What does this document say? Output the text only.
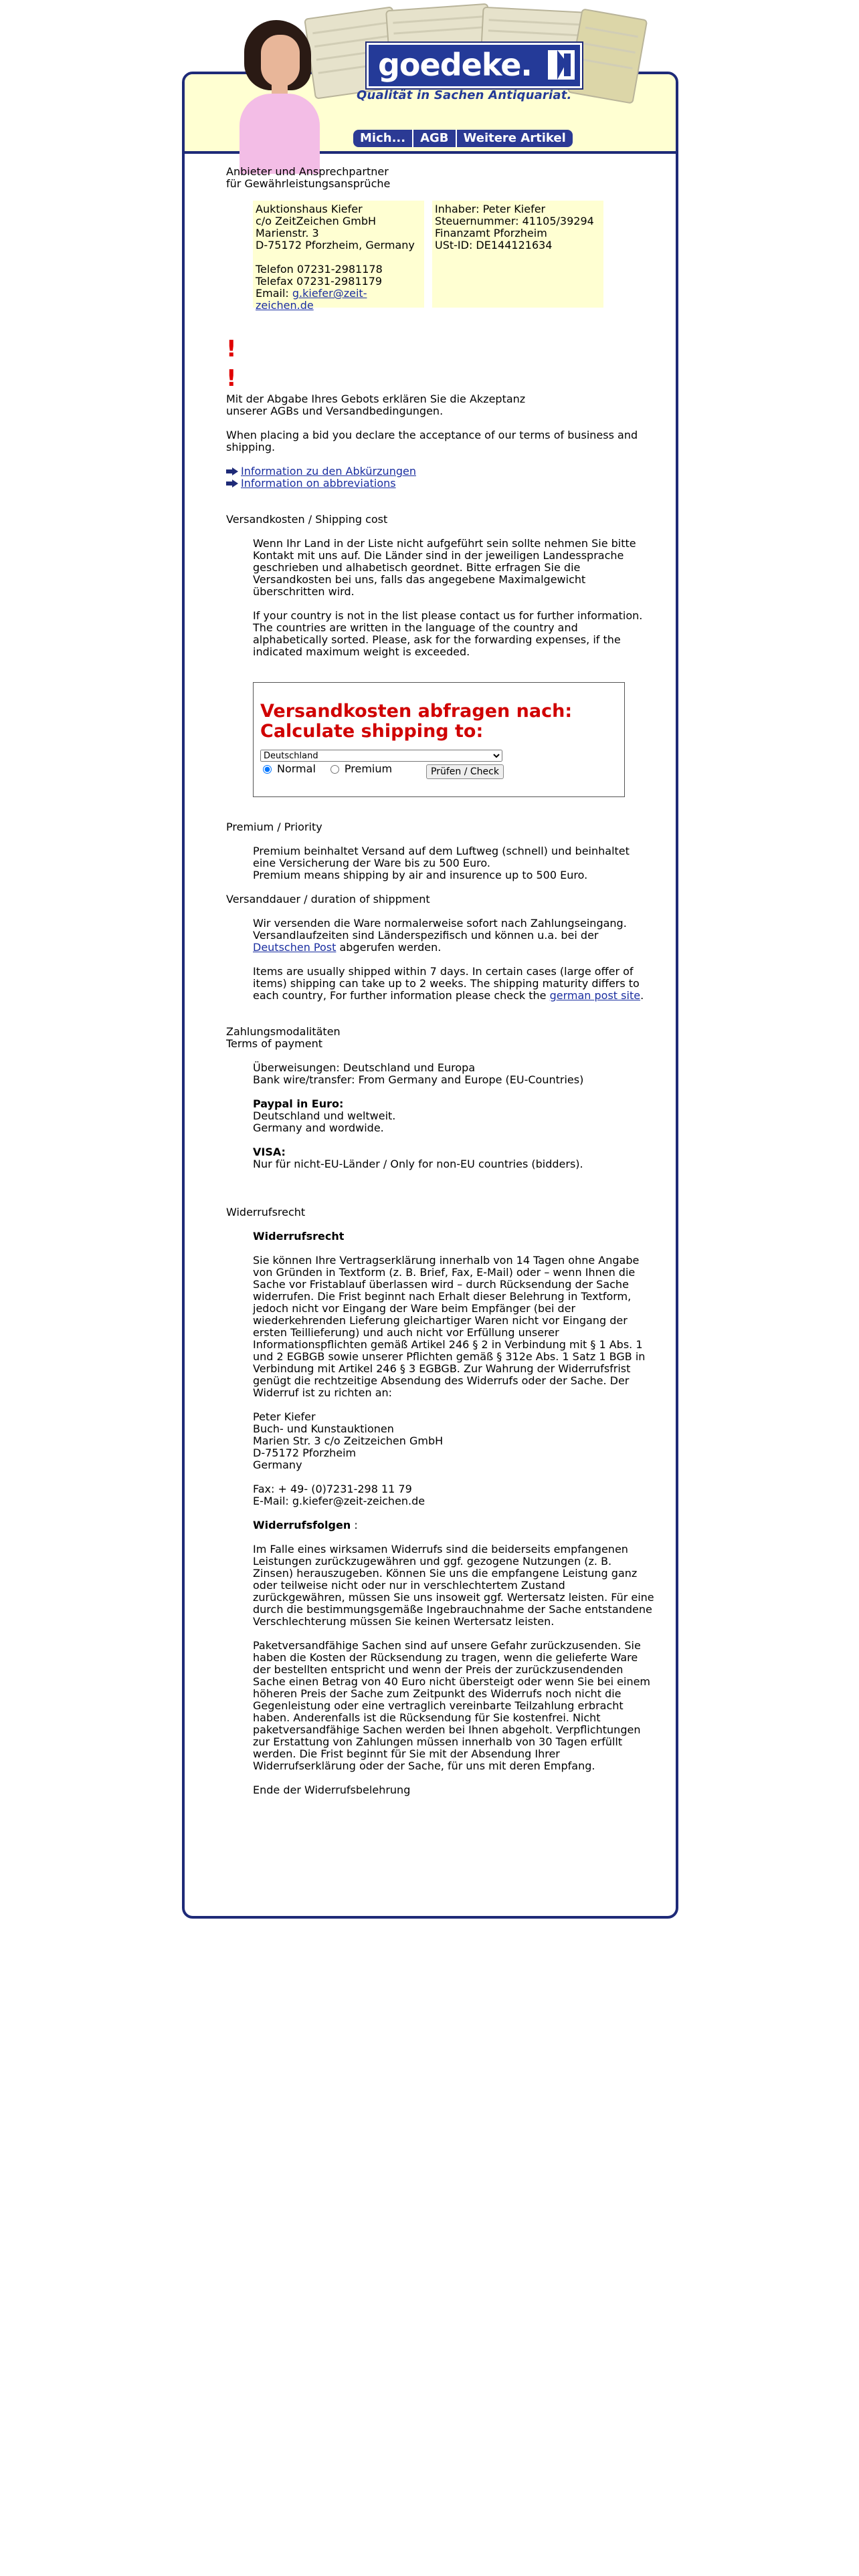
goedeke.
Qualität in Sachen Antiquariat.
Mich...	AGB	Weitere Artikel

Anbieter und Ansprechpartner

für Gewährleistungsansprüche

Auktionshaus Kiefer

c/o ZeitZeichen GmbH

Marienstr. 3

D-75172 Pforzheim, Germany

Telefon 07231-2981178

Telefax 07231-2981179

Email: g.kiefer@zeit-zeichen.de

Inhaber: Peter Kiefer

Steuernummer: 41105/39294

Finanzamt Pforzheim

USt-ID: DE144121634

!

!

Mit der Abgabe Ihres Gebots erklären Sie die Akzeptanz

unserer AGBs und Versandbedingungen.

When placing a bid you declare the acceptance of our terms of business and shipping.

Information zu den Abkürzungen
Information on abbreviations

Versandkosten / Shipping cost

Wenn Ihr Land in der Liste nicht aufgeführt sein sollte nehmen Sie bitte Kontakt mit uns auf. Die Länder sind in der jeweiligen Landessprache geschrieben und alhabetisch geordnet. Bitte erfragen Sie die Versandkosten bei uns, falls das angegebene Maximalgewicht überschritten wird.

If your country is not in the list please contact us for further information. The countries are written in the language of the country and alphabetically sorted. Please, ask for the forwarding expenses, if the indicated maximum weight is exceeded.

Versandkosten abfragen nach:

Calculate shipping to:

Deutschland
Normal	Premium	Prüfen / Check

Premium / Priority

Premium beinhaltet Versand auf dem Luftweg (schnell) und beinhaltet eine Versicherung der Ware bis zu 500 Euro.

Premium means shipping by air and insurence up to 500 Euro.

Versanddauer / duration of shippment

Wir versenden die Ware normalerweise sofort nach Zahlungseingang. Versandlaufzeiten sind Länderspezifisch und können u.a. bei der Deutschen Post abgerufen werden.

Items are usually shipped within 7 days. In certain cases (large offer of items) shipping can take up to 2 weeks. The shipping maturity differs to each country, For further information please check the german post site.

Zahlungsmodalitäten

Terms of payment

Überweisungen: Deutschland und Europa

Bank wire/transfer: From Germany and Europe (EU-Countries)

Paypal in Euro:

Deutschland und weltweit.

Germany and wordwide.

VISA:

Nur für nicht-EU-Länder / Only for non-EU countries (bidders).

Widerrufsrecht

Widerrufsrecht

Sie können Ihre Vertragserklärung innerhalb von 14 Tagen ohne Angabe von Gründen in Textform (z. B. Brief, Fax, E-Mail) oder – wenn Ihnen die Sache vor Fristablauf überlassen wird – durch Rücksendung der Sache widerrufen. Die Frist beginnt nach Erhalt dieser Belehrung in Textform, jedoch nicht vor Eingang der Ware beim Empfänger (bei der wiederkehrenden Lieferung gleichartiger Waren nicht vor Eingang der ersten Teillieferung) und auch nicht vor Erfüllung unserer Informationspflichten gemäß Artikel 246 § 2 in Verbindung mit § 1 Abs. 1 und 2 EGBGB sowie unserer Pflichten gemäß § 312e Abs. 1 Satz 1 BGB in Verbindung mit Artikel 246 § 3 EGBGB. Zur Wahrung der Widerrufsfrist genügt die rechtzeitige Absendung des Widerrufs oder der Sache. Der Widerruf ist zu richten an:

Peter Kiefer

Buch- und Kunstauktionen

Marien Str. 3 c/o Zeitzeichen GmbH

D-75172 Pforzheim

Germany

Fax: + 49- (0)7231-298 11 79

E-Mail: g.kiefer@zeit-zeichen.de

Widerrufsfolgen :

Im Falle eines wirksamen Widerrufs sind die beiderseits empfangenen Leistungen zurückzugewähren und ggf. gezogene Nutzungen (z. B. Zinsen) herauszugeben. Können Sie uns die empfangene Leistung ganz oder teilweise nicht oder nur in verschlechtertem Zustand zurückgewähren, müssen Sie uns insoweit ggf. Wertersatz leisten. Für eine durch die bestimmungsgemäße Ingebrauchnahme der Sache entstandene Verschlechterung müssen Sie keinen Wertersatz leisten.

Paketversandfähige Sachen sind auf unsere Gefahr zurückzusenden. Sie haben die Kosten der Rücksendung zu tragen, wenn die gelieferte Ware der bestellten entspricht und wenn der Preis der zurückzusendenden Sache einen Betrag von 40 Euro nicht übersteigt oder wenn Sie bei einem höheren Preis der Sache zum Zeitpunkt des Widerrufs noch nicht die Gegenleistung oder eine vertraglich vereinbarte Teilzahlung erbracht haben. Anderenfalls ist die Rücksendung für Sie kostenfrei. Nicht paketversandfähige Sachen werden bei Ihnen abgeholt. Verpflichtungen zur Erstattung von Zahlungen müssen innerhalb von 30 Tagen erfüllt werden. Die Frist beginnt für Sie mit der Absendung Ihrer Widerrufserklärung oder der Sache, für uns mit deren Empfang.

Ende der Widerrufsbelehrung
